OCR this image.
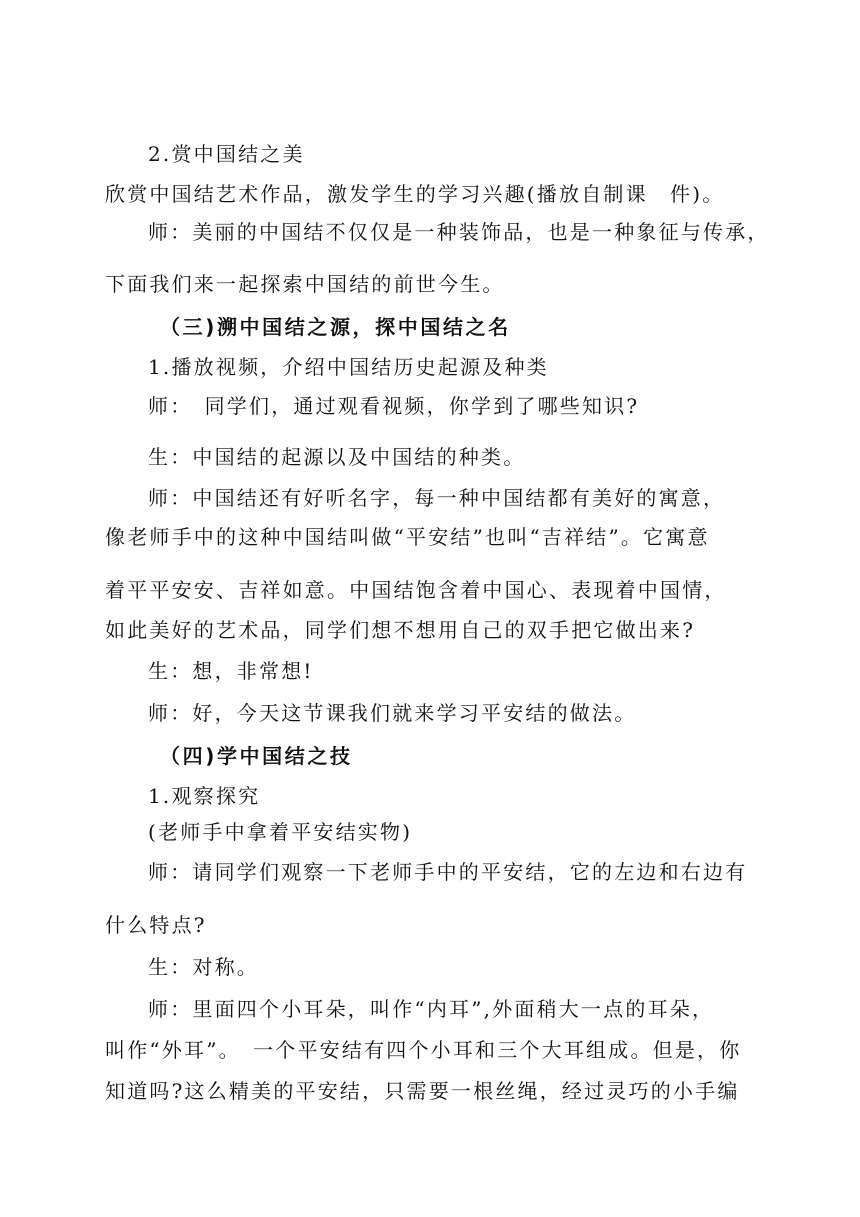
2.赏中国结之美
欣赏中国结艺术作品，激发学生的学习兴趣(播放自制课　件)。
师：美丽的中国结不仅仅是一种装饰品，也是一种象征与传承，
下面我们来一起探索中国结的前世今生。
（三)溯中国结之源，探中国结之名
1.播放视频，介绍中国结历史起源及种类
师：　同学们，通过观看视频，你学到了哪些知识?
生：中国结的起源以及中国结的种类。
师：中国结还有好听名字，每一种中国结都有美好的寓意，
像老师手中的这种中国结叫做“平安结”也叫“吉祥结”。它寓意
着平平安安、吉祥如意。中国结饱含着中国心、表现着中国情，
如此美好的艺术品，同学们想不想用自己的双手把它做出来?
生：想，非常想!
师：好，今天这节课我们就来学习平安结的做法。
（四)学中国结之技
1.观察探究
(老师手中拿着平安结实物)
师：请同学们观察一下老师手中的平安结，它的左边和右边有
什么特点?
生：对称。
师：里面四个小耳朵，叫作“内耳”,外面稍大一点的耳朵，
叫作“外耳”。　一个平安结有四个小耳和三个大耳组成。但是，你
知道吗?这么精美的平安结，只需要一根丝绳，经过灵巧的小手编
